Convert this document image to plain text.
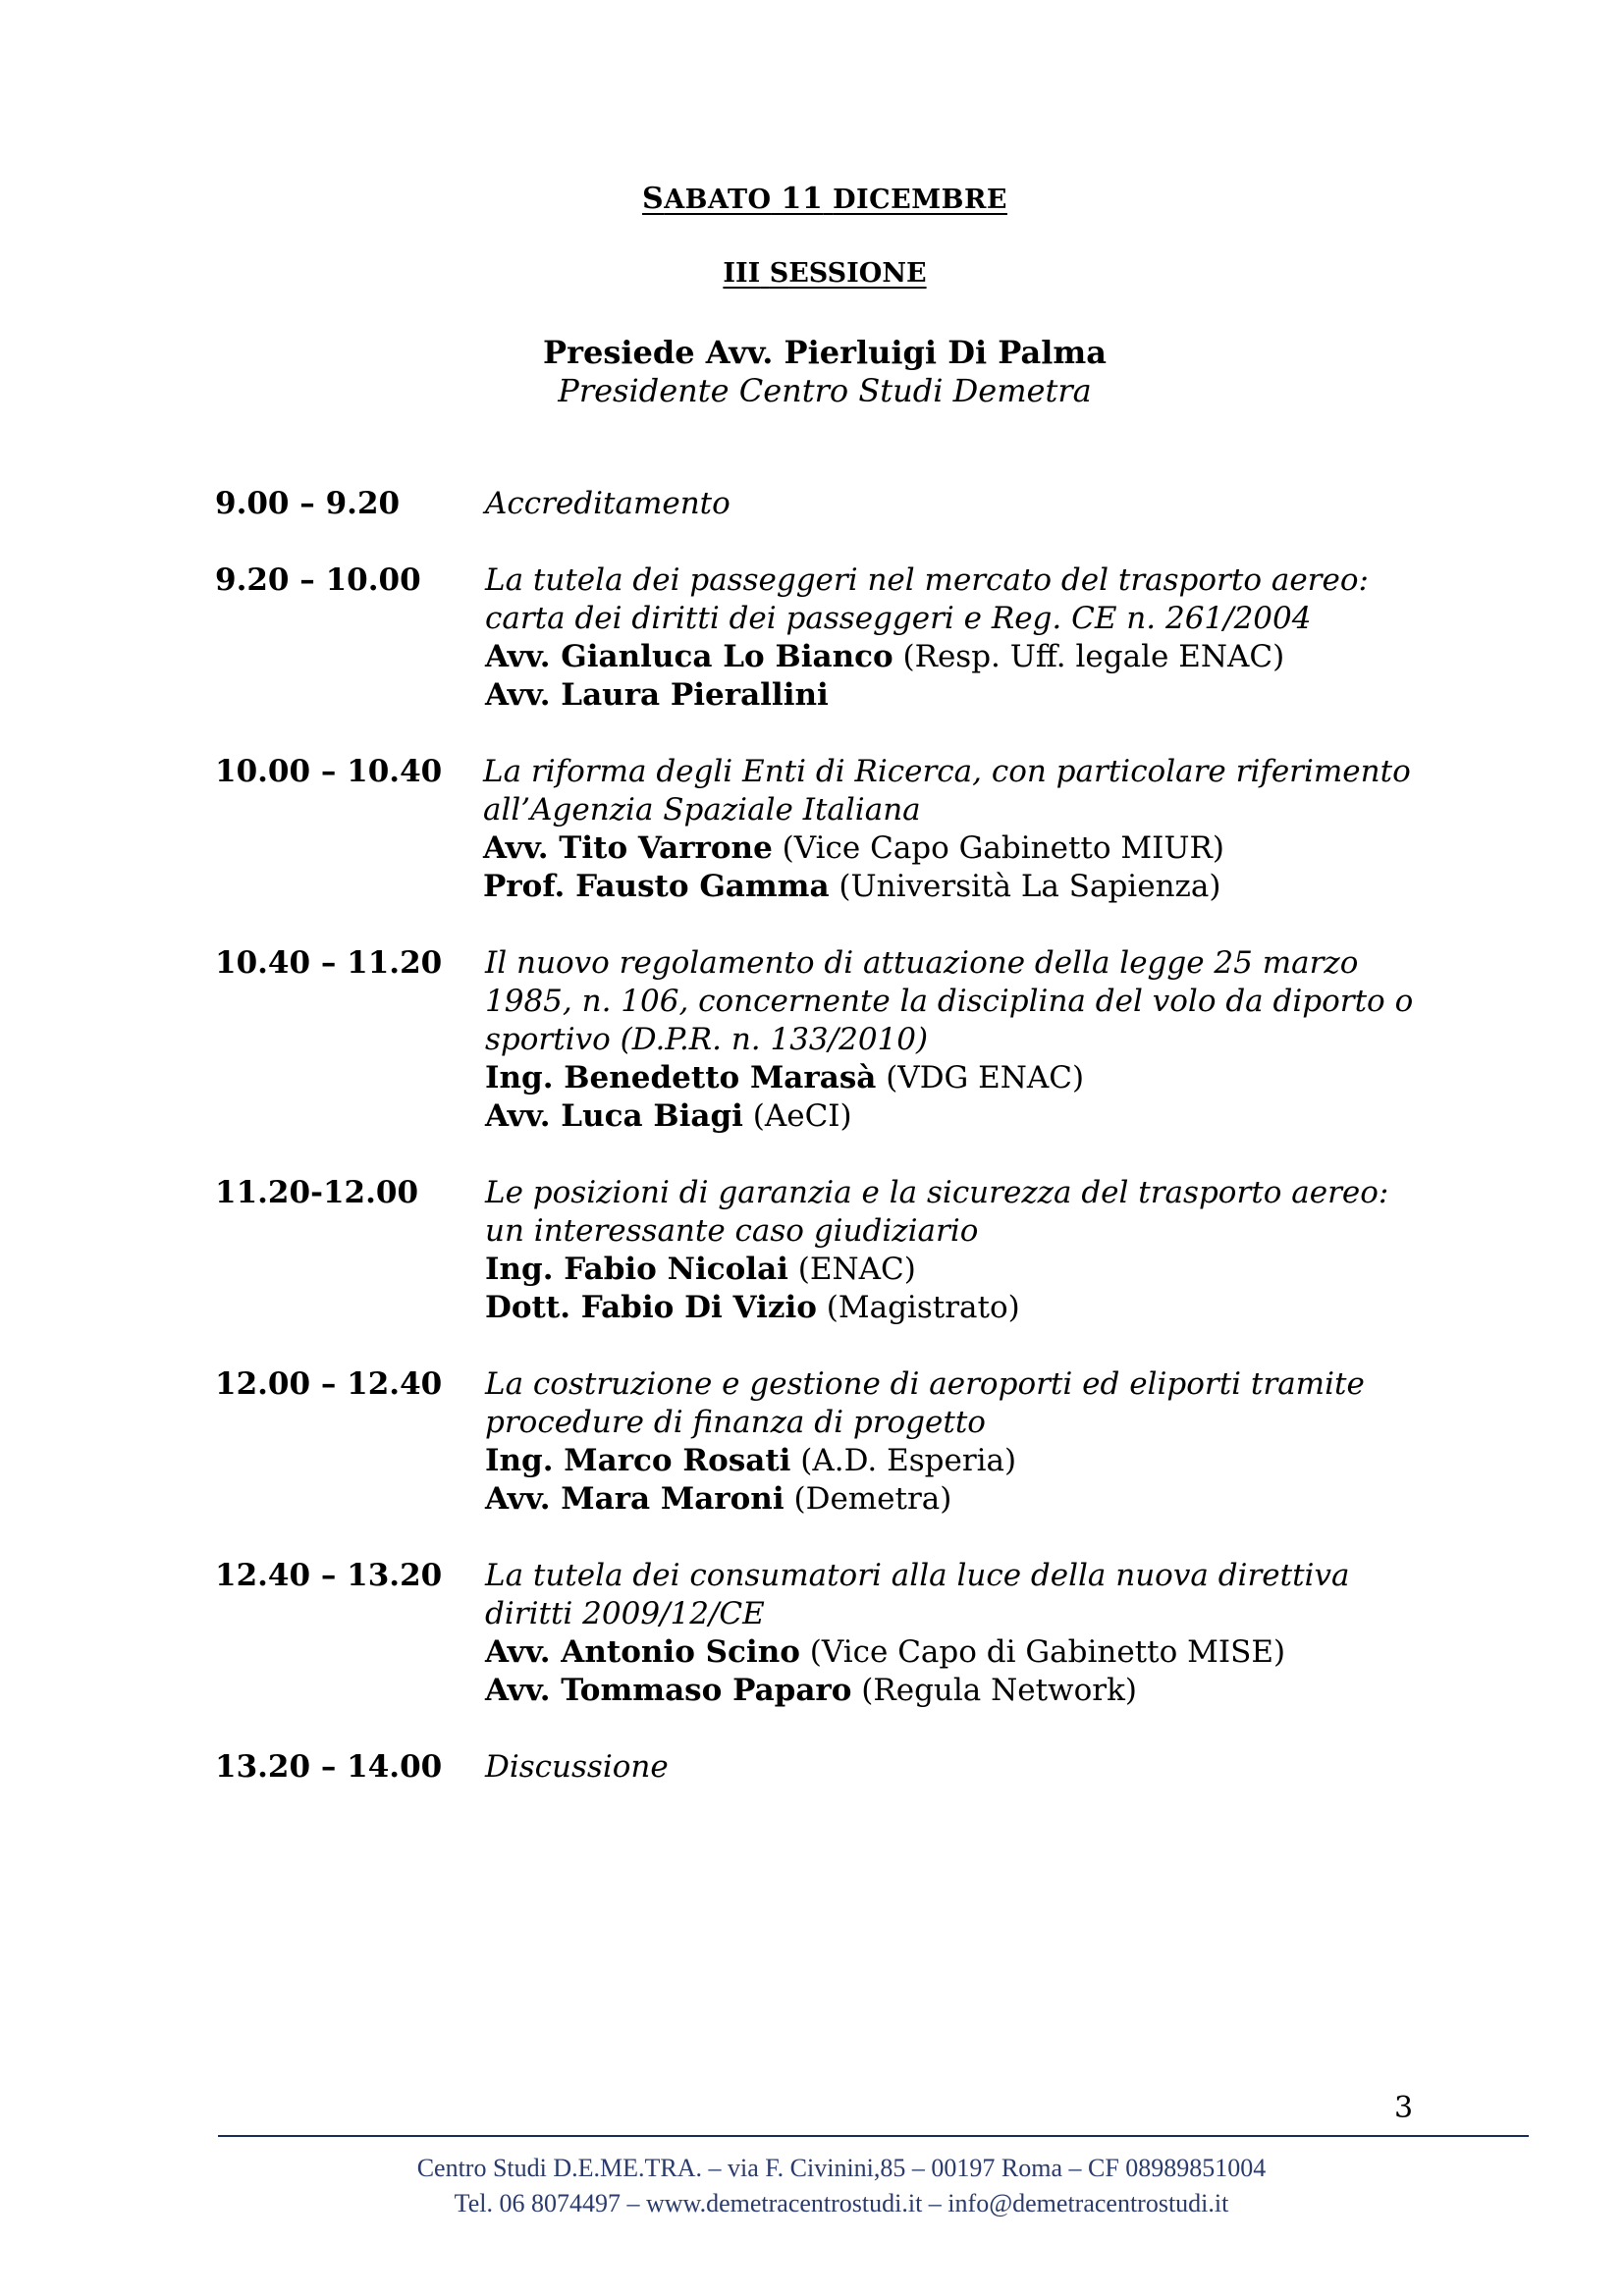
SABATO 11 DICEMBRE
III SESSIONE
Presiede Avv. Pierluigi Di Palma
Presidente Centro Studi Demetra
9.00 – 9.20	Accreditamento
9.20 – 10.00 La tutela dei passeggeri nel mercato del trasporto aereo:
carta dei diritti dei passeggeri e Reg. CE n. 261/2004
Avv. Gianluca Lo Bianco (Resp. Uff. legale ENAC)
Avv. Laura Pierallini
10.00 – 10.40 La riforma degli Enti di Ricerca, con particolare riferimento
all’Agenzia Spaziale Italiana
Avv. Tito Varrone (Vice Capo Gabinetto MIUR)
Prof. Fausto Gamma (Università La Sapienza)
10.40 – 11.20 Il nuovo regolamento di attuazione della legge 25 marzo
1985, n. 106, concernente la disciplina del volo da diporto o
sportivo (D.P.R. n. 133/2010)
Ing. Benedetto Marasà (VDG ENAC)
Avv. Luca Biagi (AeCI)
11.20-12.00 Le posizioni di garanzia e la sicurezza del trasporto aereo:
un interessante caso giudiziario
Ing. Fabio Nicolai (ENAC)
Dott. Fabio Di Vizio (Magistrato)
12.00 – 12.40 La costruzione e gestione di aeroporti ed eliporti tramite
procedure di finanza di progetto
Ing. Marco Rosati (A.D. Esperia)
Avv. Mara Maroni (Demetra)
12.40 – 13.20 La tutela dei consumatori alla luce della nuova direttiva
diritti 2009/12/CE
Avv. Antonio Scino (Vice Capo di Gabinetto MISE)
Avv. Tommaso Paparo (Regula Network)
13.20 – 14.00 Discussione
3
Centro Studi D.E.ME.TRA. – via F. Civinini,85 – 00197 Roma – CF 08989851004
Tel. 06 8074497 – www.demetracentrostudi.it – info@demetracentrostudi.it
